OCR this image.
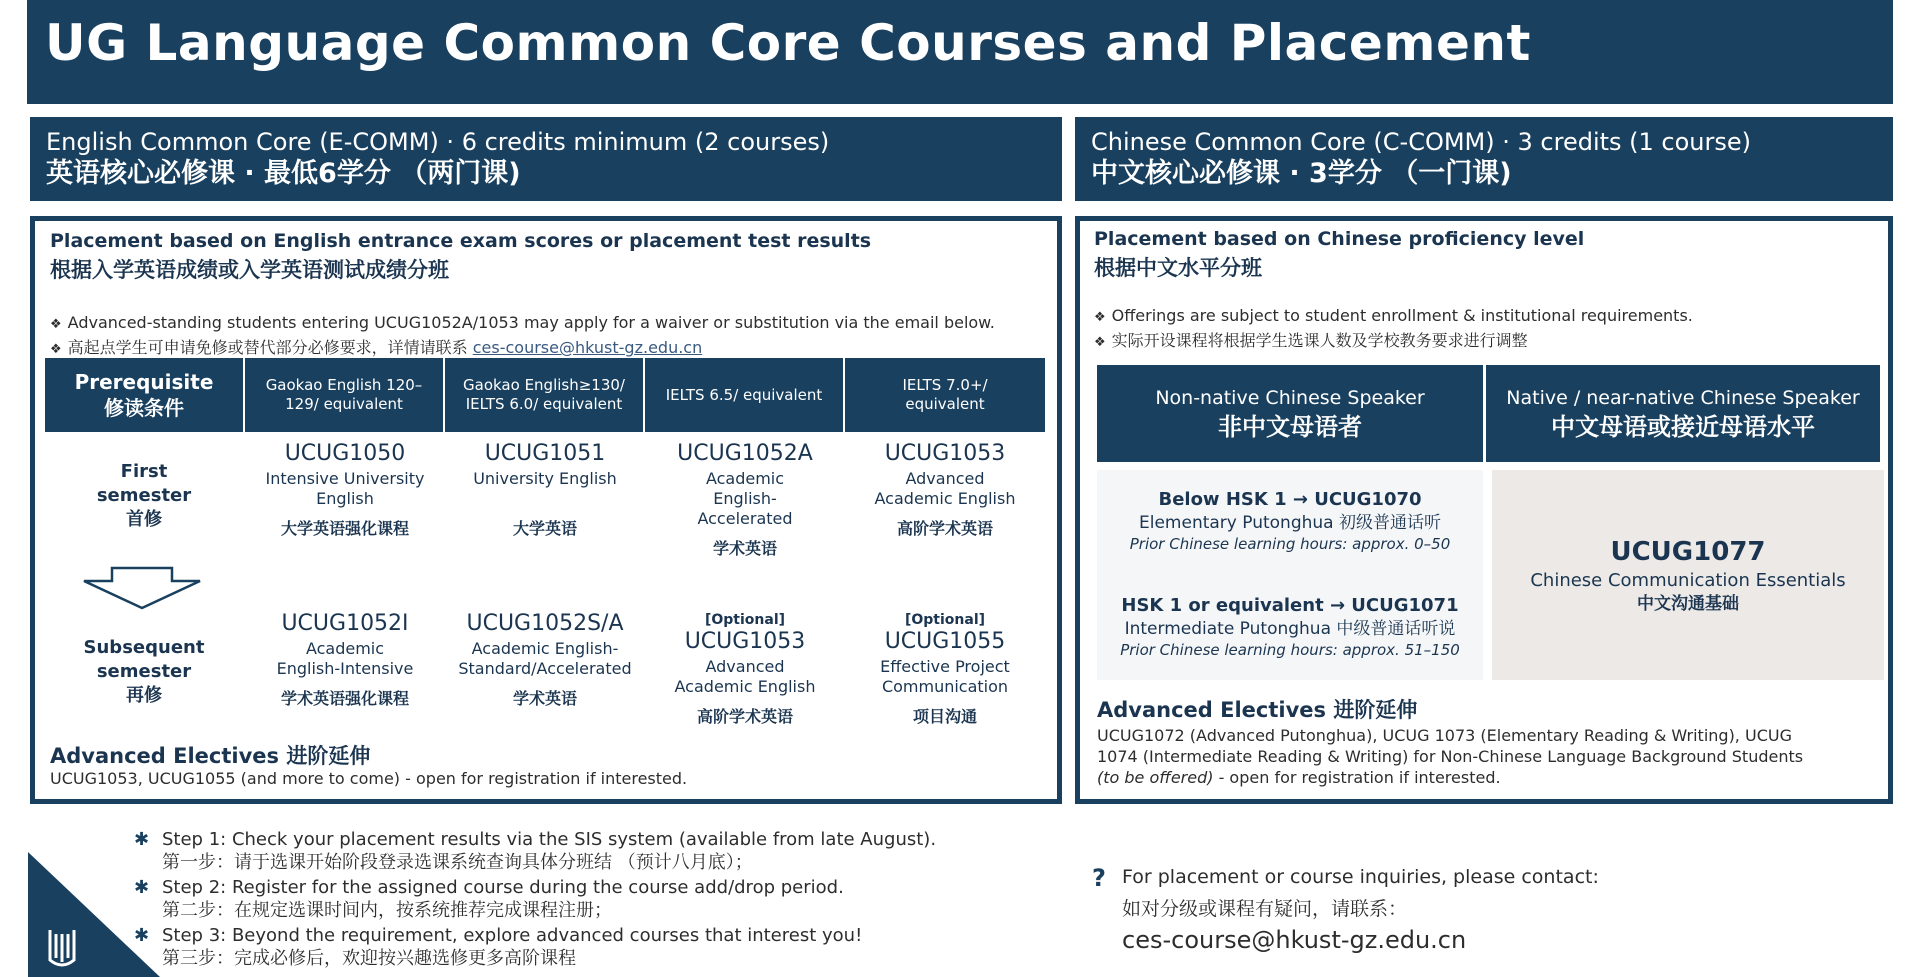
UG Language Common Core Courses and Placement
English Common Core (E-COMM) · 6 credits minimum (2 courses)
英语核心必修课 · 最低6学分 （两门课)
Chinese Common Core (C-COMM) · 3 credits (1 course)
中文核心必修课 · 3学分 （一门课)
Placement based on English entrance exam scores or placement test results
根据入学英语成绩或入学英语测试成绩分班
❖ Advanced-standing students entering UCUG1052A/1053 may apply for a waiver or substitution via the email below.
❖ 高起点学生可申请免修或替代部分必修要求，详情请联系 ces-course@hkust-gz.edu.cn
Prerequisite
修读条件
Gaokao English 120–129/ equivalent
Gaokao English≥130/
IELTS 6.0/ equivalent
IELTS 6.5/ equivalent
IELTS 7.0+/ equivalent
First
semester
首修
Subsequent
semester
再修
UCUG1050
Intensive University English
大学英语强化课程
UCUG1051
University English
大学英语
UCUG1052A
Academic English-Accelerated
学术英语
UCUG1053
Advanced Academic English
高阶学术英语
UCUG1052I
Academic English-Intensive
学术英语强化课程
UCUG1052S/A
Academic English-Standard/Accelerated
学术英语
[Optional]
UCUG1053
Advanced Academic English
高阶学术英语
[Optional]
UCUG1055
Effective Project Communication
项目沟通
Advanced Electives 进阶延伸
UCUG1053, UCUG1055 (and more to come) - open for registration if interested.
Placement based on Chinese proficiency level
根据中文水平分班
❖ Offerings are subject to student enrollment & institutional requirements.
❖ 实际开设课程将根据学生选课人数及学校教务要求进行调整
Non-native Chinese Speaker
非中文母语者
Native / near-native Chinese Speaker
中文母语或接近母语水平
Below HSK 1 → UCUG1070
Elementary Putonghua 初级普通话听
Prior Chinese learning hours: approx. 0–50
HSK 1 or equivalent → UCUG1071
Intermediate Putonghua 中级普通话听说
Prior Chinese learning hours: approx. 51–150
UCUG1077
Chinese Communication Essentials
中文沟通基础
Advanced Electives 进阶延伸
UCUG1072 (Advanced Putonghua), UCUG 1073 (Elementary Reading & Writing), UCUG
1074 (Intermediate Reading & Writing) for Non-Chinese Language Background Students
(to be offered) - open for registration if interested.
✱ Step 1: Check your placement results via the SIS system (available from late August).
第一步：请于选课开始阶段登录选课系统查询具体分班结 （预计八月底）；
✱ Step 2: Register for the assigned course during the course add/drop period.
第二步：在规定选课时间内，按系统推荐完成课程注册；
✱ Step 3: Beyond the requirement, explore advanced courses that interest you!
第三步：完成必修后，欢迎按兴趣选修更多高阶课程
? For placement or course inquiries, please contact:
如对分级或课程有疑问，请联系：
ces-course@hkust-gz.edu.cn
